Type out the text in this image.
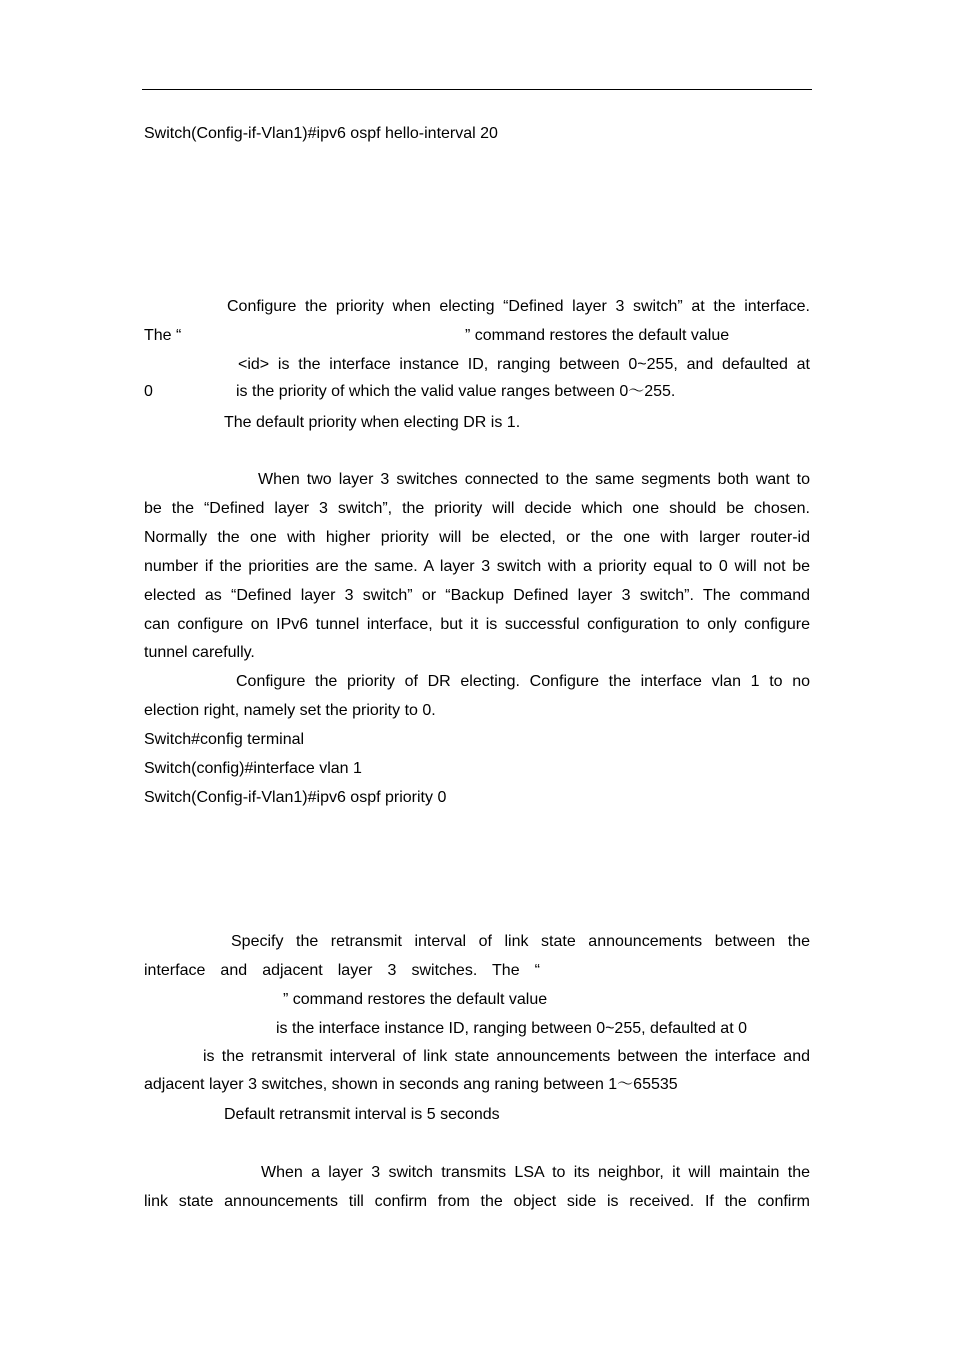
Switch(Config-if-Vlan1)#ipv6 ospf hello-interval 20
Configure the priority when electing “Defined layer 3 switch” at the interface.
The “	” command restores the default value
<id> is the interface instance ID, ranging between 0~255, and defaulted at
0	is the priority of which the valid value ranges between 0～255.
The default priority when electing DR is 1.
When two layer 3 switches connected to the same segments both want to
be the “Defined layer 3 switch”, the priority will decide which one should be chosen.
Normally the one with higher priority will be elected, or the one with larger router-id
number if the priorities are the same. A layer 3 switch with a priority equal to 0 will not be
elected as “Defined layer 3 switch” or “Backup Defined layer 3 switch”. The command
can configure on IPv6 tunnel interface, but it is successful configuration to only configure
tunnel carefully.
Configure the priority of DR electing. Configure the interface vlan 1 to no
election right, namely set the priority to 0.
Switch#config terminal
Switch(config)#interface vlan 1
Switch(Config-if-Vlan1)#ipv6 ospf priority 0
Specify the retransmit interval of link state announcements between the
interface and adjacent layer 3 switches. The “
” command restores the default value
is the interface instance ID, ranging between 0~255, defaulted at 0
is the retransmit interveral of link state announcements between the interface and
adjacent layer 3 switches, shown in seconds ang raning between 1～65535
Default retransmit interval is 5 seconds
When a layer 3 switch transmits LSA to its neighbor, it will maintain the
link state announcements till confirm from the object side is received. If the confirm
